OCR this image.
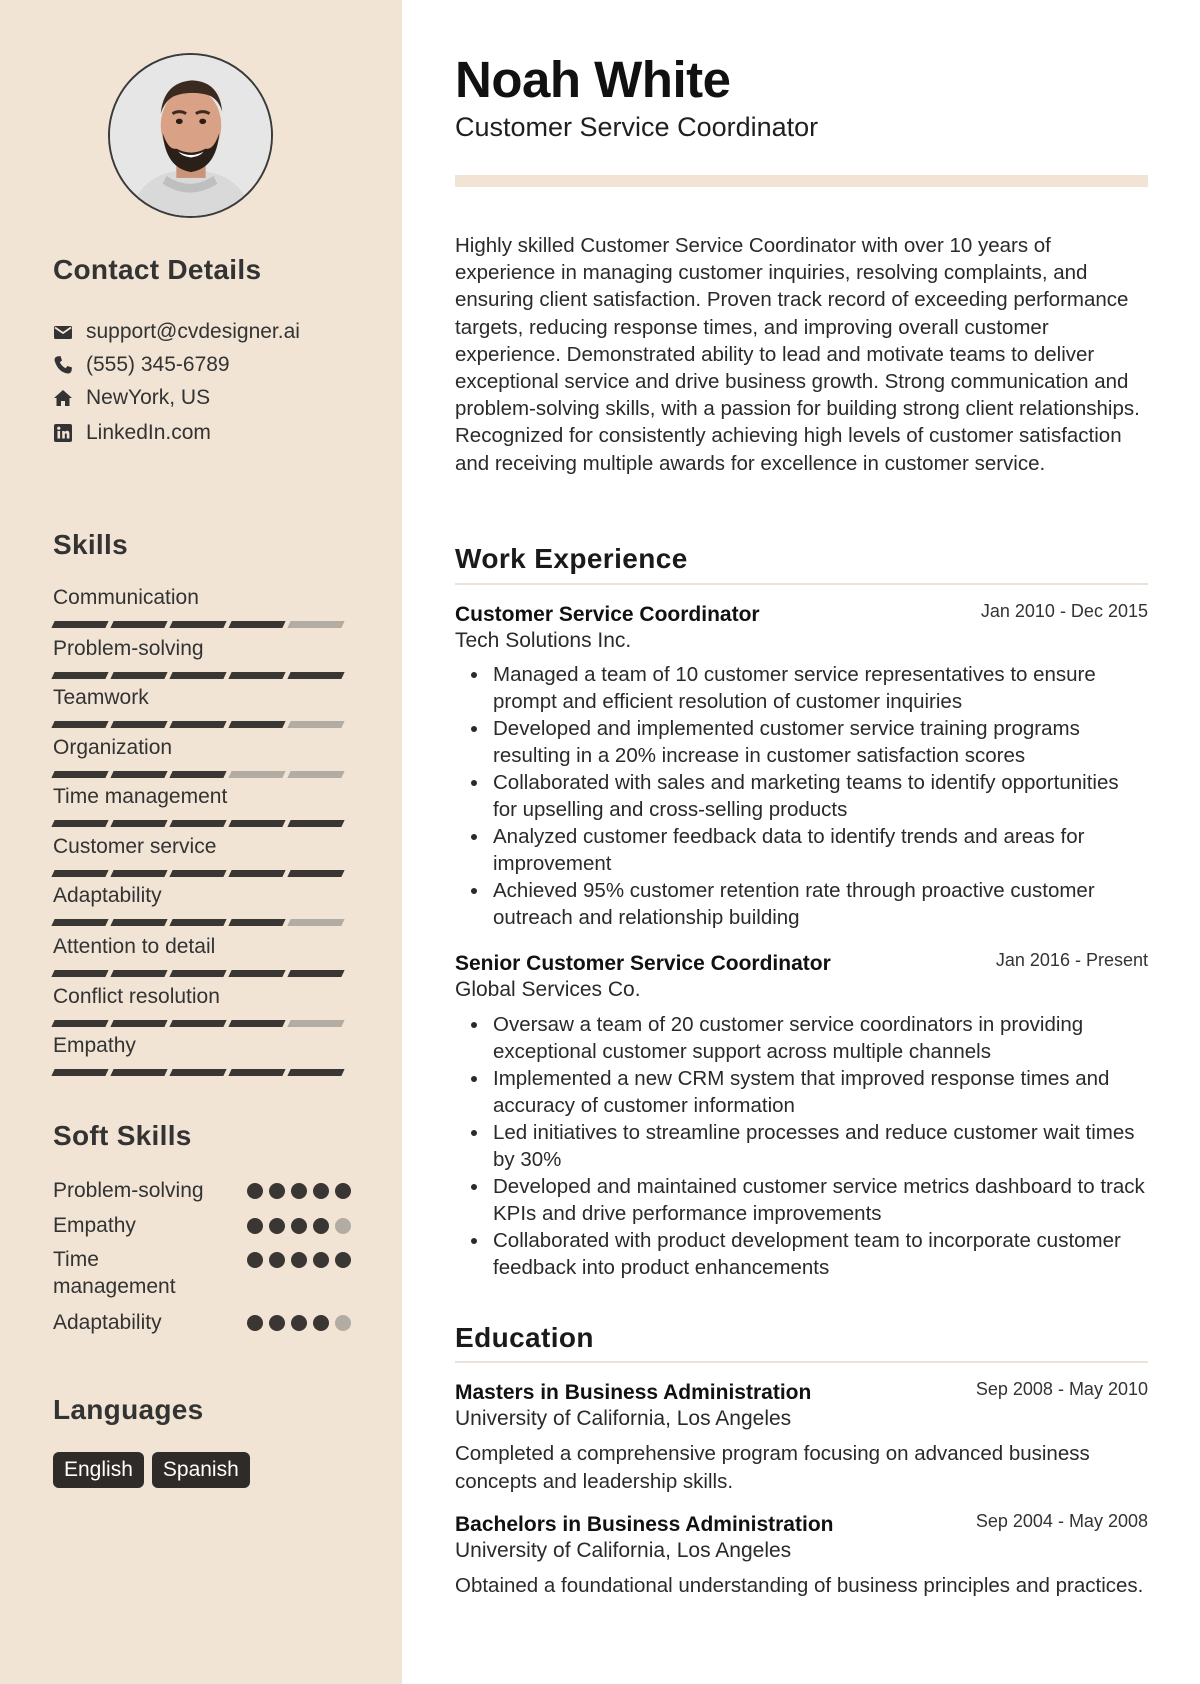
Contact Details
support@cvdesigner.ai
(555) 345-6789
NewYork, US
LinkedIn.com
Skills
Communication
Problem-solving
Teamwork
Organization
Time management
Customer service
Adaptability
Attention to detail
Conflict resolution
Empathy
Soft Skills
Problem-solving
Empathy
Time management
Adaptability
Languages
English	Spanish
Noah White
Customer Service Coordinator

Highly skilled Customer Service Coordinator with over 10 years of experience in managing customer inquiries, resolving complaints, and ensuring client satisfaction. Proven track record of exceeding performance targets, reducing response times, and improving overall customer experience. Demonstrated ability to lead and motivate teams to deliver exceptional service and drive business growth. Strong communication and problem-solving skills, with a passion for building strong client relationships. Recognized for consistently achieving high levels of customer satisfaction and receiving multiple awards for excellence in customer service.

Work Experience
Customer Service Coordinator	Jan 2010 - Dec 2015
Tech Solutions Inc.
Managed a team of 10 customer service representatives to ensure prompt and efficient resolution of customer inquiries
Developed and implemented customer service training programs resulting in a 20% increase in customer satisfaction scores
Collaborated with sales and marketing teams to identify opportunities for upselling and cross-selling products
Analyzed customer feedback data to identify trends and areas for improvement
Achieved 95% customer retention rate through proactive customer outreach and relationship building
Senior Customer Service Coordinator	Jan 2016 - Present
Global Services Co.
Oversaw a team of 20 customer service coordinators in providing exceptional customer support across multiple channels
Implemented a new CRM system that improved response times and accuracy of customer information
Led initiatives to streamline processes and reduce customer wait times by 30%
Developed and maintained customer service metrics dashboard to track KPIs and drive performance improvements
Collaborated with product development team to incorporate customer feedback into product enhancements
Education
Masters in Business Administration	Sep 2008 - May 2010
University of California, Los Angeles

Completed a comprehensive program focusing on advanced business concepts and leadership skills.

Bachelors in Business Administration	Sep 2004 - May 2008
University of California, Los Angeles

Obtained a foundational understanding of business principles and practices.
